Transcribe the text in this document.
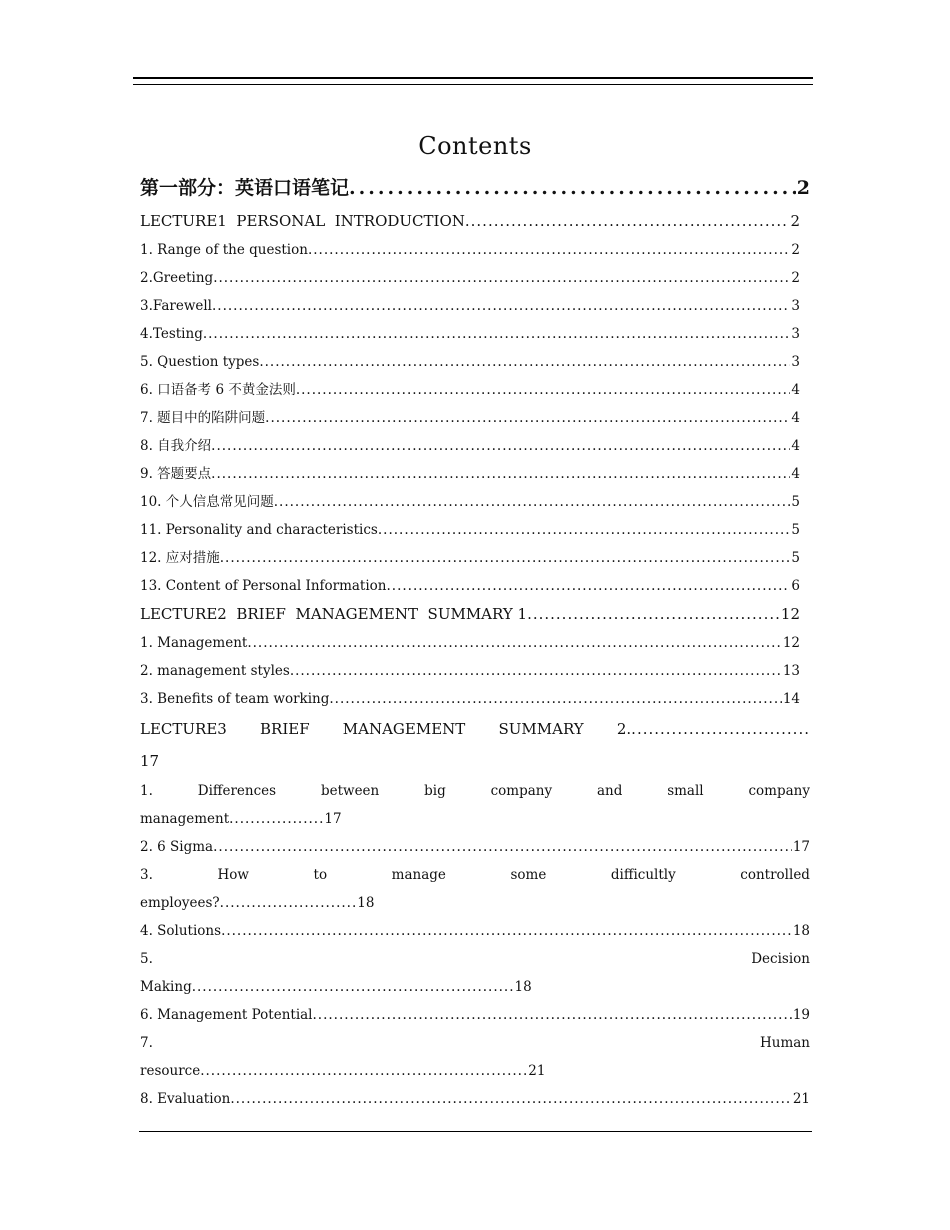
Contents
第一部分：英语口语笔记 .....	2
LECTURE1  PERSONAL  INTRODUCTION .....	2
1. Range of the question .....	2
2.Greeting .....	2
3.Farewell .....	3
4.Testing .....	3
5. Question types .....	3
6. 口语备考 6 不黄金法则 .....	4
7. 题目中的陷阱问题 .....	4
8. 自我介绍 .....	4
9. 答题要点 .....	4
10. 个人信息常见问题 .....	5
11. Personality and characteristics .....	5
12. 应对措施 .....	5
13. Content of Personal Information .....	6
LECTURE2  BRIEF  MANAGEMENT  SUMMARY 1 .....	12
1. Management .....	12
2. management styles .....	13
3. Benefits of team working .....	14
LECTURE3 BRIEF MANAGEMENT SUMMARY 2................................
17
1.	Differences	between	big	company	and	small	company
management..................17
2. 6 Sigma .....	17
3.	How	to	manage	some	difficultly	controlled
employees?..........................18
4. Solutions .....	18
5.	Decision
Making.............................................................18
6. Management Potential .....	19
7.	Human
resource..............................................................21
8. Evaluation .....	21
